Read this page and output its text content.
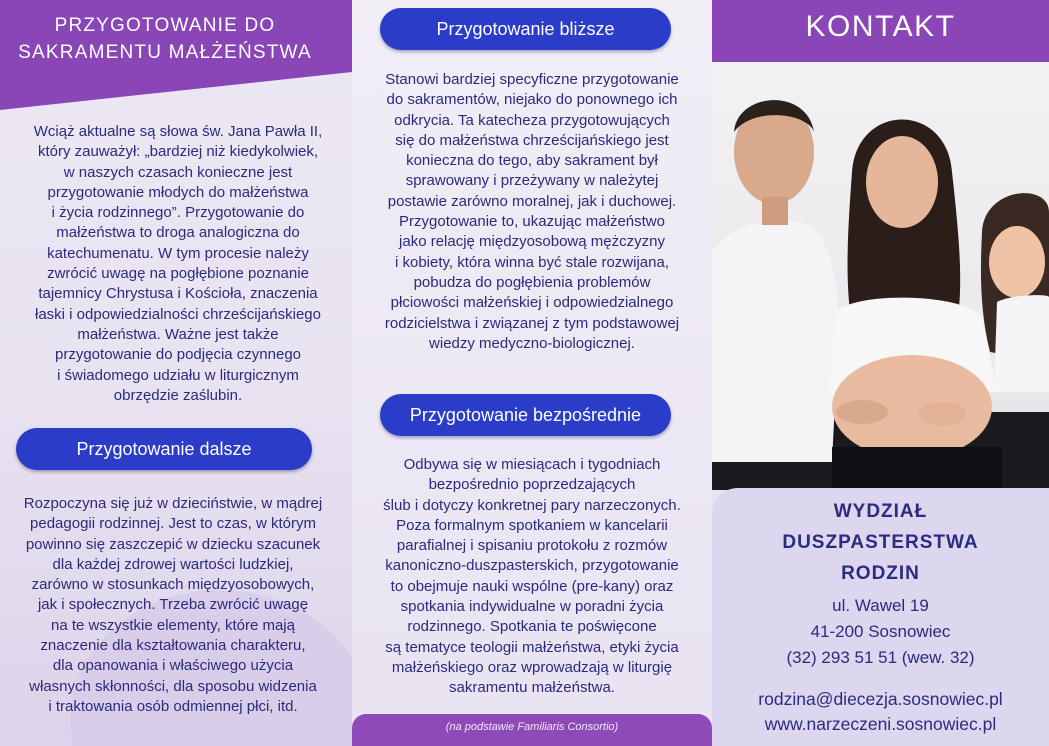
PRZYGOTOWANIE DO
SAKRAMENTU MAŁŻEŃSTWA

Wciąż aktualne są słowa św. Jana Pawła II,
który zauważył: „bardziej niż kiedykolwiek,
w naszych czasach konieczne jest
przygotowanie młodych do małżeństwa
i życia rodzinnego”. Przygotowanie do
małżeństwa to droga analogiczna do
katechumenatu. W tym procesie należy
zwrócić uwagę na pogłębione poznanie
tajemnicy Chrystusa i Kościoła, znaczenia
łaski i odpowiedzialności chrześcijańskiego
małżeństwa. Ważne jest także
przygotowanie do podjęcia czynnego
i świadomego udziału w liturgicznym
obrzędzie zaślubin.

Przygotowanie dalsze

Rozpoczyna się już w dzieciństwie, w mądrej
pedagogii rodzinnej. Jest to czas, w którym
powinno się zaszczepić w dziecku szacunek
dla każdej zdrowej wartości ludzkiej,
zarówno w stosunkach międzyosobowych,
jak i społecznych. Trzeba zwrócić uwagę
na te wszystkie elementy, które mają
znaczenie dla kształtowania charakteru,
dla opanowania i właściwego użycia
własnych skłonności, dla sposobu widzenia
i traktowania osób odmiennej płci, itd.

Przygotowanie bliższe

Stanowi bardziej specyficzne przygotowanie
do sakramentów, niejako do ponownego ich
odkrycia. Ta katecheza przygotowujących
się do małżeństwa chrześcijańskiego jest
konieczna do tego, aby sakrament był
sprawowany i przeżywany w należytej
postawie zarówno moralnej, jak i duchowej.
Przygotowanie to, ukazując małżeństwo
jako relację międzyosobową mężczyzny
i kobiety, która winna być stale rozwijana,
pobudza do pogłębienia problemów
płciowości małżeńskiej i odpowiedzialnego
rodzicielstwa i związanej z tym podstawowej
wiedzy medyczno-biologicznej.

Przygotowanie bezpośrednie

Odbywa się w miesiącach i tygodniach
bezpośrednio poprzedzających
ślub i dotyczy konkretnej pary narzeczonych.
Poza formalnym spotkaniem w kancelarii
parafialnej i spisaniu protokołu z rozmów
kanoniczno-duszpasterskich, przygotowanie
to obejmuje nauki wspólne (pre-kany) oraz
spotkania indywidualne w poradni życia
rodzinnego. Spotkania te poświęcone
są tematyce teologii małżeństwa, etyki życia
małżeńskiego oraz wprowadzają w liturgię
sakramentu małżeństwa.

(na podstawie Familiaris Consortio)

KONTAKT

WYDZIAŁ
DUSZPASTERSTWA
RODZIN

ul. Wawel 19

41-200 Sosnowiec

(32) 293 51 51 (wew. 32)

rodzina@diecezja.sosnowiec.pl
www.narzeczeni.sosnowiec.pl
